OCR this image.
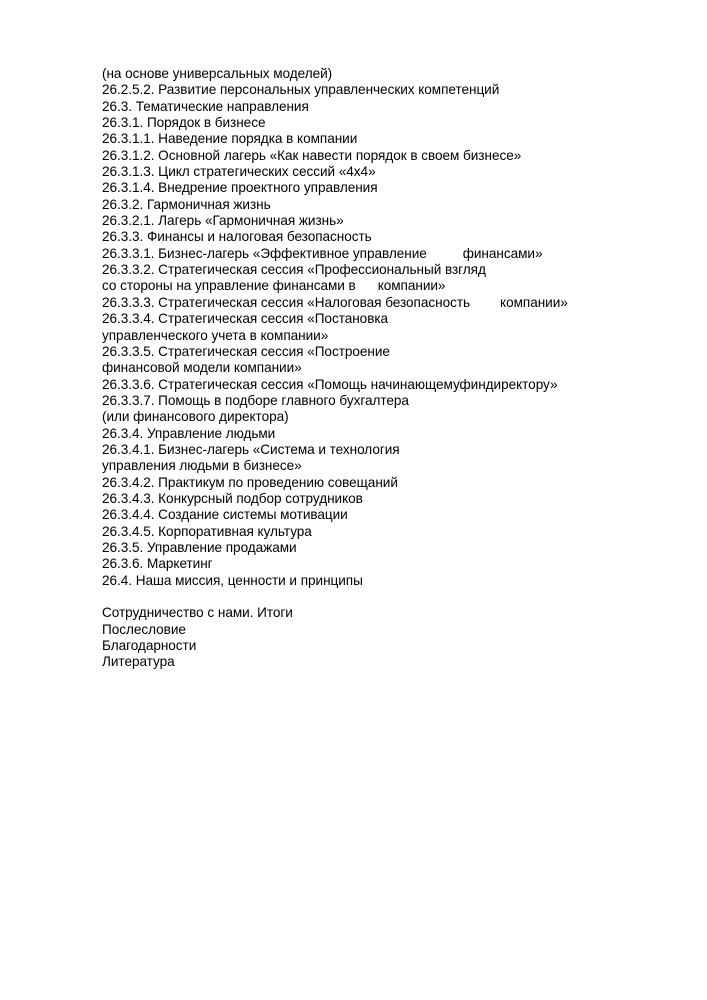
(на основе универсальных моделей)
26.2.5.2. Развитие персональных управленческих компетенций
26.3. Тематические направления
26.3.1. Порядок в бизнесе
26.3.1.1. Наведение порядка в компании
26.3.1.2. Основной лагерь «Как навести порядок в своем бизнесе»
26.3.1.3. Цикл стратегических сессий «4х4»
26.3.1.4. Внедрение проектного управления
26.3.2. Гармоничная жизнь
26.3.2.1. Лагерь «Гармоничная жизнь»
26.3.3. Финансы и налоговая безопасность
26.3.3.1. Бизнес-лагерь «Эффективное управление	финансами»
26.3.3.2. Стратегическая сессия «Профессиональный взгляд
со стороны на управление финансами в компании»
26.3.3.3. Стратегическая сессия «Налоговая безопасность компании»
26.3.3.4. Стратегическая сессия «Постановка
управленческого учета в компании»
26.3.3.5. Стратегическая сессия «Построение
финансовой модели компании»
26.3.3.6. Стратегическая сессия «Помощь начинающемуфиндиректору»
26.3.3.7. Помощь в подборе главного бухгалтера
(или финансового директора)
26.3.4. Управление людьми
26.3.4.1. Бизнес-лагерь «Система и технология
управления людьми в бизнесе»
26.3.4.2. Практикум по проведению совещаний
26.3.4.3. Конкурсный подбор сотрудников
26.3.4.4. Создание системы мотивации
26.3.4.5. Корпоративная культура
26.3.5. Управление продажами
26.3.6. Маркетинг
26.4. Наша миссия, ценности и принципы
Сотрудничество с нами. Итоги
Послесловие
Благодарности
Литература
